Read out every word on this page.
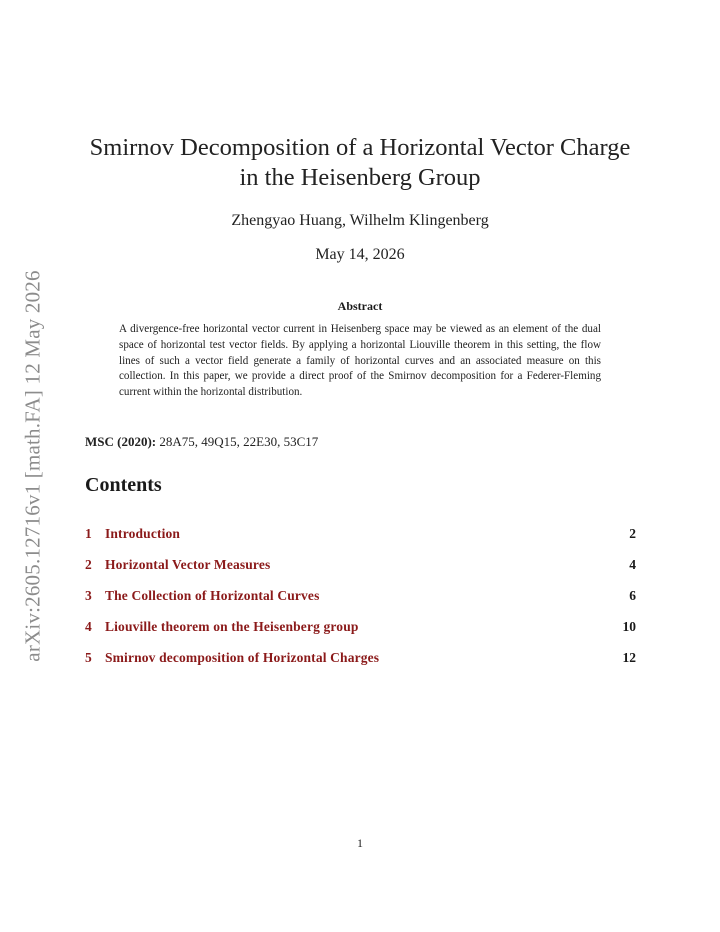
arXiv:2605.12716v1 [math.FA] 12 May 2026
Smirnov Decomposition of a Horizontal Vector Charge
in the Heisenberg Group
Zhengyao Huang, Wilhelm Klingenberg
May 14, 2026
Abstract
A divergence-free horizontal vector current in Heisenberg space may be viewed as an element of the dual space of horizontal test vector fields. By applying a horizontal Liouville theorem in this setting, the flow lines of such a vector field generate a family of horizontal curves and an associated measure on this collection. In this paper, we provide a direct proof of the Smirnov decomposition for a Federer-Fleming current within the horizontal distribution.
MSC (2020): 28A75, 49Q15, 22E30, 53C17
Contents
1 Introduction	2
2 Horizontal Vector Measures	4
3 The Collection of Horizontal Curves	6
4 Liouville theorem on the Heisenberg group	10
5 Smirnov decomposition of Horizontal Charges	12
1
